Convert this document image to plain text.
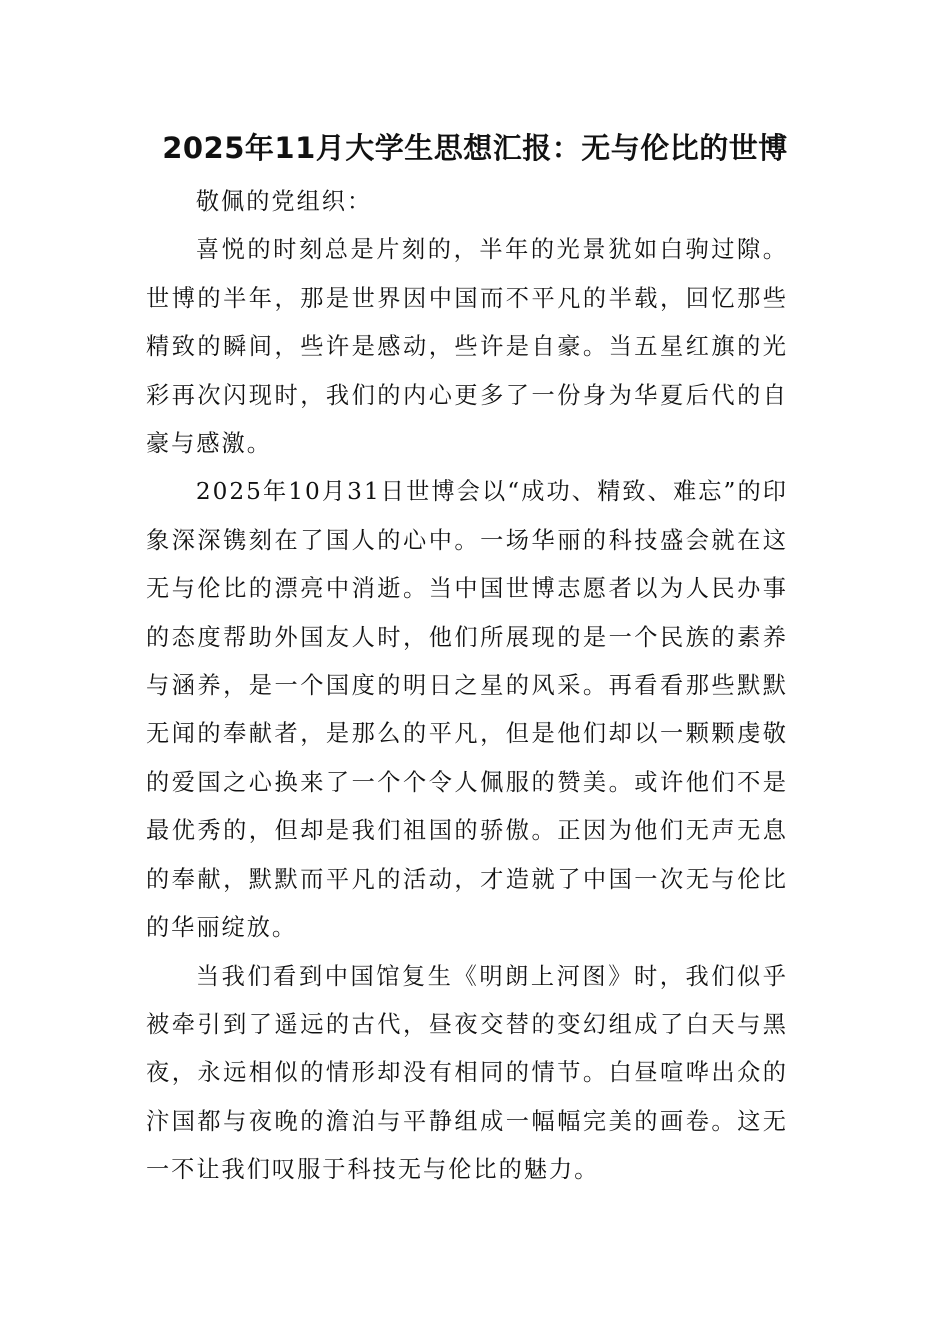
2025年11月大学生思想汇报：无与伦比的世博

敬佩的党组织：

喜悦的时刻总是片刻的，半年的光景犹如白驹过隙。世博的半年，那是世界因中国而不平凡的半载，回忆那些精致的瞬间，些许是感动，些许是自豪。当五星红旗的光彩再次闪现时，我们的内心更多了一份身为华夏后代的自豪与感激。

2025年10月31日世博会以“成功、精致、难忘”的印象深深镌刻在了国人的心中。一场华丽的科技盛会就在这无与伦比的漂亮中消逝。当中国世博志愿者以为人民办事的态度帮助外国友人时，他们所展现的是一个民族的素养与涵养，是一个国度的明日之星的风采。再看看那些默默无闻的奉献者，是那么的平凡，但是他们却以一颗颗虔敬的爱国之心换来了一个个令人佩服的赞美。或许他们不是最优秀的，但却是我们祖国的骄傲。正因为他们无声无息的奉献，默默而平凡的活动，才造就了中国一次无与伦比的华丽绽放。

当我们看到中国馆复生《明朗上河图》时，我们似乎被牵引到了遥远的古代，昼夜交替的变幻组成了白天与黑夜，永远相似的情形却没有相同的情节。白昼喧哗出众的汴国都与夜晚的澹泊与平静组成一幅幅完美的画卷。这无一不让我们叹服于科技无与伦比的魅力。
